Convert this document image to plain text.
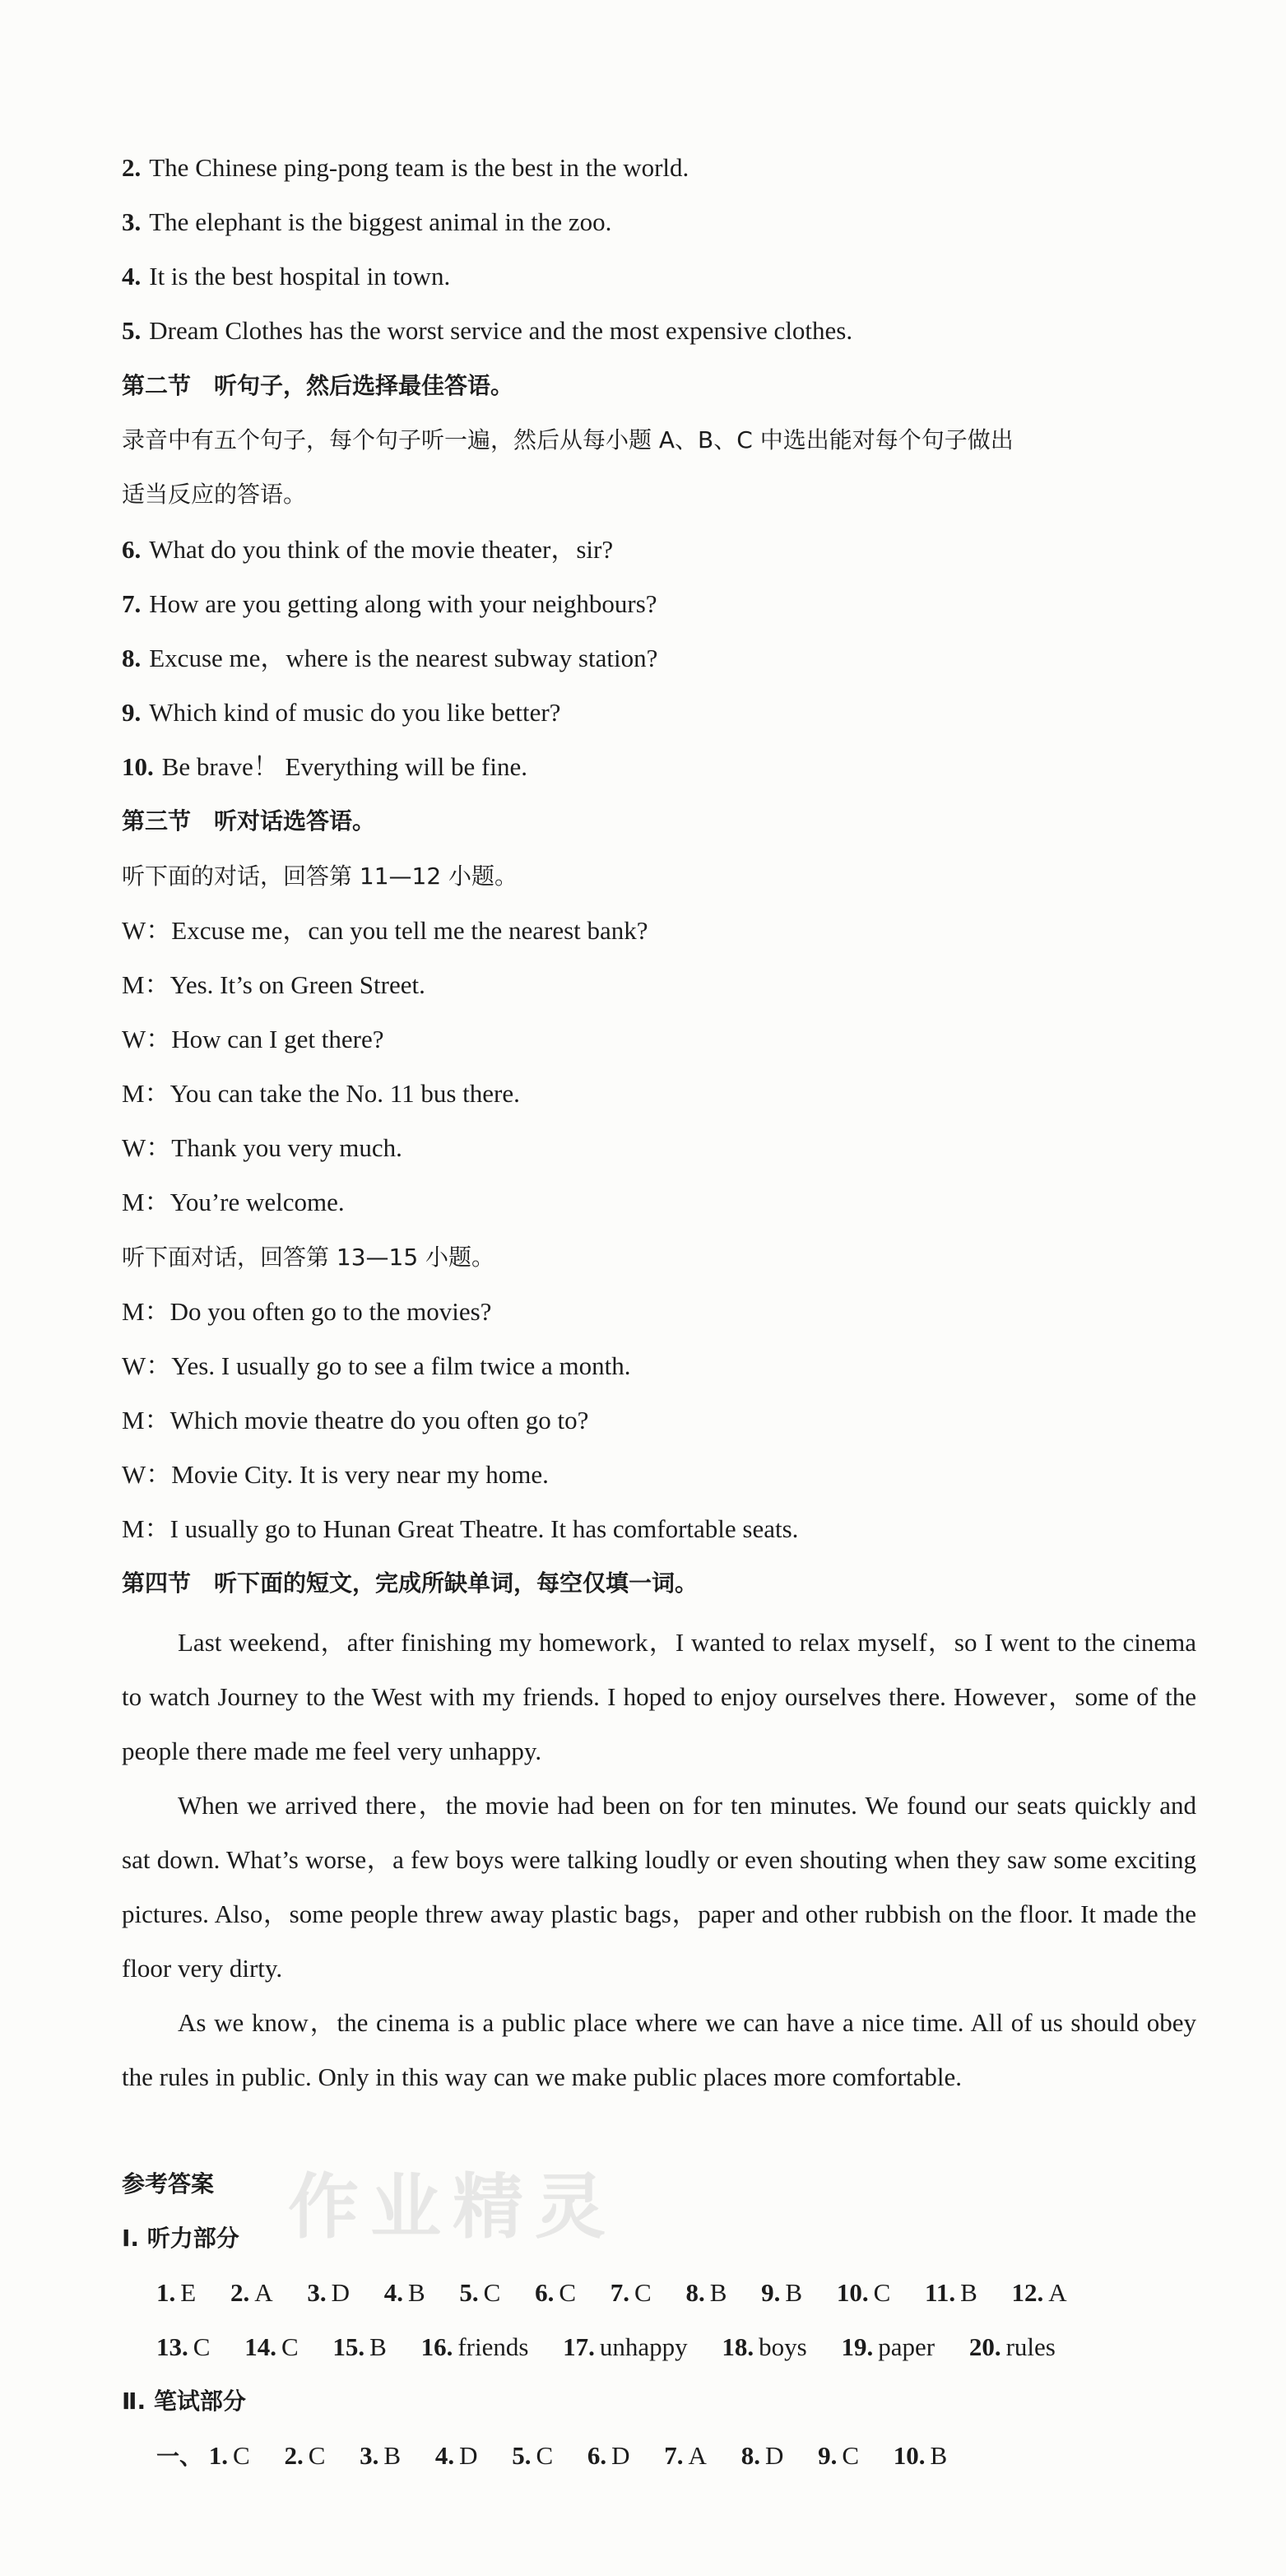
2. The Chinese ping-pong team is the best in the world.
3. The elephant is the biggest animal in the zoo.
4. It is the best hospital in town.
5. Dream Clothes has the worst service and the most expensive clothes.
第二节 听句子，然后选择最佳答语。
录音中有五个句子，每个句子听一遍，然后从每小题 A、B、C 中选出能对每个句子做出
适当反应的答语。
6. What do you think of the movie theater，sir?
7. How are you getting along with your neighbours?
8. Excuse me，where is the nearest subway station?
9. Which kind of music do you like better?
10. Be brave！ Everything will be fine.
第三节 听对话选答语。
听下面的对话，回答第 11—12 小题。
W：Excuse me，can you tell me the nearest bank?
M：Yes. It’s on Green Street.
W：How can I get there?
M：You can take the No. 11 bus there.
W：Thank you very much.
M：You’re welcome.
听下面对话，回答第 13—15 小题。
M：Do you often go to the movies?
W：Yes. I usually go to see a film twice a month.
M：Which movie theatre do you often go to?
W：Movie City. It is very near my home.
M：I usually go to Hunan Great Theatre. It has comfortable seats.
第四节 听下面的短文，完成所缺单词，每空仅填一词。
Last weekend，after finishing my homework，I wanted to relax myself，so I went to the cinema to watch Journey to the West with my friends. I hoped to enjoy ourselves there. However，some of the people there made me feel very unhappy.
When we arrived there，the movie had been on for ten minutes. We found our seats quickly and sat down. What’s worse，a few boys were talking loudly or even shouting when they saw some exciting pictures. Also，some people threw away plastic bags，paper and other rubbish on the floor. It made the floor very dirty.
As we know，the cinema is a public place where we can have a nice time. All of us should obey the rules in public. Only in this way can we make public places more comfortable.
作业精灵
参考答案
Ⅰ. 听力部分
1. E 2. A 3. D 4. B 5. C 6. C 7. C 8. B 9. B 10. C 11. B 12. A
13. C 14. C 15. B 16. friends 17. unhappy 18. boys 19. paper 20. rules
Ⅱ. 笔试部分
一、 1. C 2. C 3. B 4. D 5. C 6. D 7. A 8. D 9. C 10. B
